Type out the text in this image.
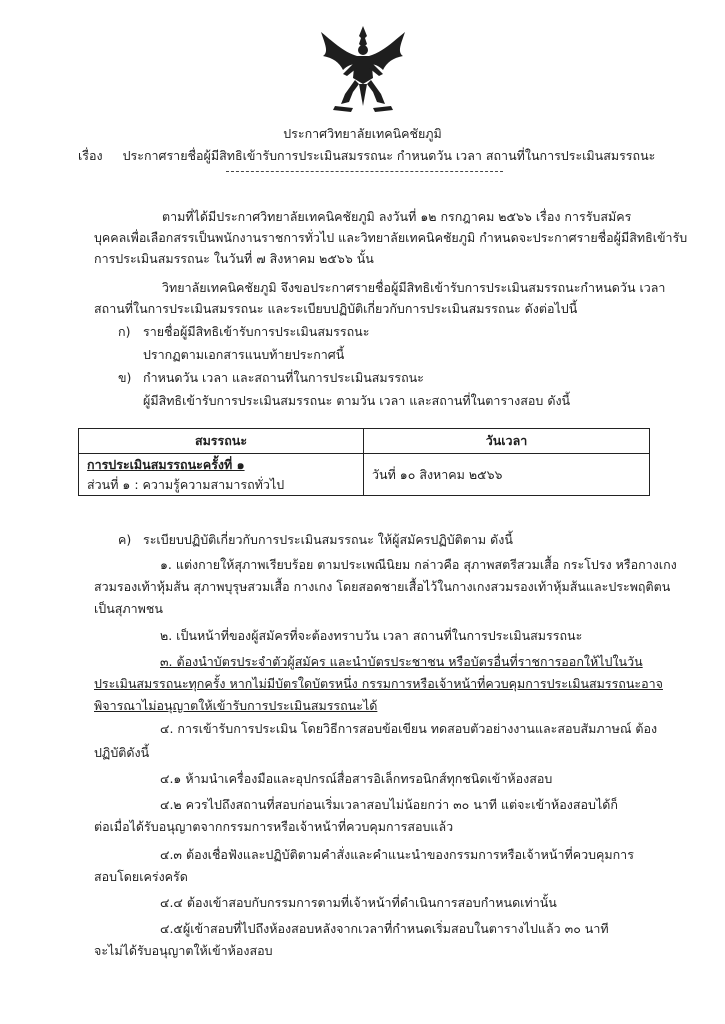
ประกาศวิทยาลัยเทคนิคชัยภูมิ
เรื่อง ประกาศรายชื่อผู้มีสิทธิเข้ารับการประเมินสมรรถนะ กำหนดวัน เวลา สถานที่ในการประเมินสมรรถนะ
ตามที่ได้มีประกาศวิทยาลัยเทคนิคชัยภูมิ ลงวันที่ ๑๒ กรกฎาคม ๒๕๖๖ เรื่อง การรับสมัคร
บุคคลเพื่อเลือกสรรเป็นพนักงานราชการทั่วไป และวิทยาลัยเทคนิคชัยภูมิ กำหนดจะประกาศรายชื่อผู้มีสิทธิเข้ารับ
การประเมินสมรรถนะ ในวันที่ ๗ สิงหาคม ๒๕๖๖ นั้น
วิทยาลัยเทคนิคชัยภูมิ จึงขอประกาศรายชื่อผู้มีสิทธิเข้ารับการประเมินสมรรถนะกำหนดวัน เวลา
สถานที่ในการประเมินสมรรถนะ และระเบียบปฏิบัติเกี่ยวกับการประเมินสมรรถนะ ดังต่อไปนี้
ก) รายชื่อผู้มีสิทธิเข้ารับการประเมินสมรรถนะ
ปรากฏตามเอกสารแนบท้ายประกาศนี้
ข) กำหนดวัน เวลา และสถานที่ในการประเมินสมรรถนะ
ผู้มีสิทธิเข้ารับการประเมินสมรรถนะ ตามวัน เวลา และสถานที่ในตารางสอบ ดังนี้
สมรรถนะ	วันเวลา

การประเมินสมรรถนะครั้งที่ ๑
ส่วนที่ ๑ : ความรู้ความสามารถทั่วไป	วันที่ ๑๐ สิงหาคม ๒๕๖๖
ค) ระเบียบปฏิบัติเกี่ยวกับการประเมินสมรรถนะ ให้ผู้สมัครปฏิบัติตาม ดังนี้
๑. แต่งกายให้สุภาพเรียบร้อย ตามประเพณีนิยม กล่าวคือ สุภาพสตรีสวมเสื้อ กระโปรง หรือกางเกง
สวมรองเท้าหุ้มส้น สุภาพบุรุษสวมเสื้อ กางเกง โดยสอดชายเสื้อไว้ในกางเกงสวมรองเท้าหุ้มส้นและประพฤติตน
เป็นสุภาพชน
๒. เป็นหน้าที่ของผู้สมัครที่จะต้องทราบวัน เวลา สถานที่ในการประเมินสมรรถนะ
๓. ต้องนำบัตรประจำตัวผู้สมัคร และนำบัตรประชาชน หรือบัตรอื่นที่ราชการออกให้ไปในวัน
ประเมินสมรรถนะทุกครั้ง หากไม่มีบัตรใดบัตรหนึ่ง กรรมการหรือเจ้าหน้าที่ควบคุมการประเมินสมรรถนะอาจ
พิจารณาไม่อนุญาตให้เข้ารับการประเมินสมรรถนะได้
๔. การเข้ารับการประเมิน โดยวิธีการสอบข้อเขียน ทดสอบตัวอย่างงานและสอบสัมภาษณ์ ต้อง
ปฏิบัติดังนี้
๔.๑ ห้ามนำเครื่องมือและอุปกรณ์สื่อสารอิเล็กทรอนิกส์ทุกชนิดเข้าห้องสอบ
๔.๒ ควรไปถึงสถานที่สอบก่อนเริ่มเวลาสอบไม่น้อยกว่า ๓๐ นาที แต่จะเข้าห้องสอบได้ก็
ต่อเมื่อได้รับอนุญาตจากกรรมการหรือเจ้าหน้าที่ควบคุมการสอบแล้ว
๔.๓ ต้องเชื่อฟังและปฏิบัติตามคำสั่งและคำแนะนำของกรรมการหรือเจ้าหน้าที่ควบคุมการ
สอบโดยเคร่งครัด
๔.๔ ต้องเข้าสอบกับกรรมการตามที่เจ้าหน้าที่ดำเนินการสอบกำหนดเท่านั้น
๔.๕ผู้เข้าสอบที่ไปถึงห้องสอบหลังจากเวลาที่กำหนดเริ่มสอบในตารางไปแล้ว ๓๐ นาที
จะไม่ได้รับอนุญาตให้เข้าห้องสอบ
